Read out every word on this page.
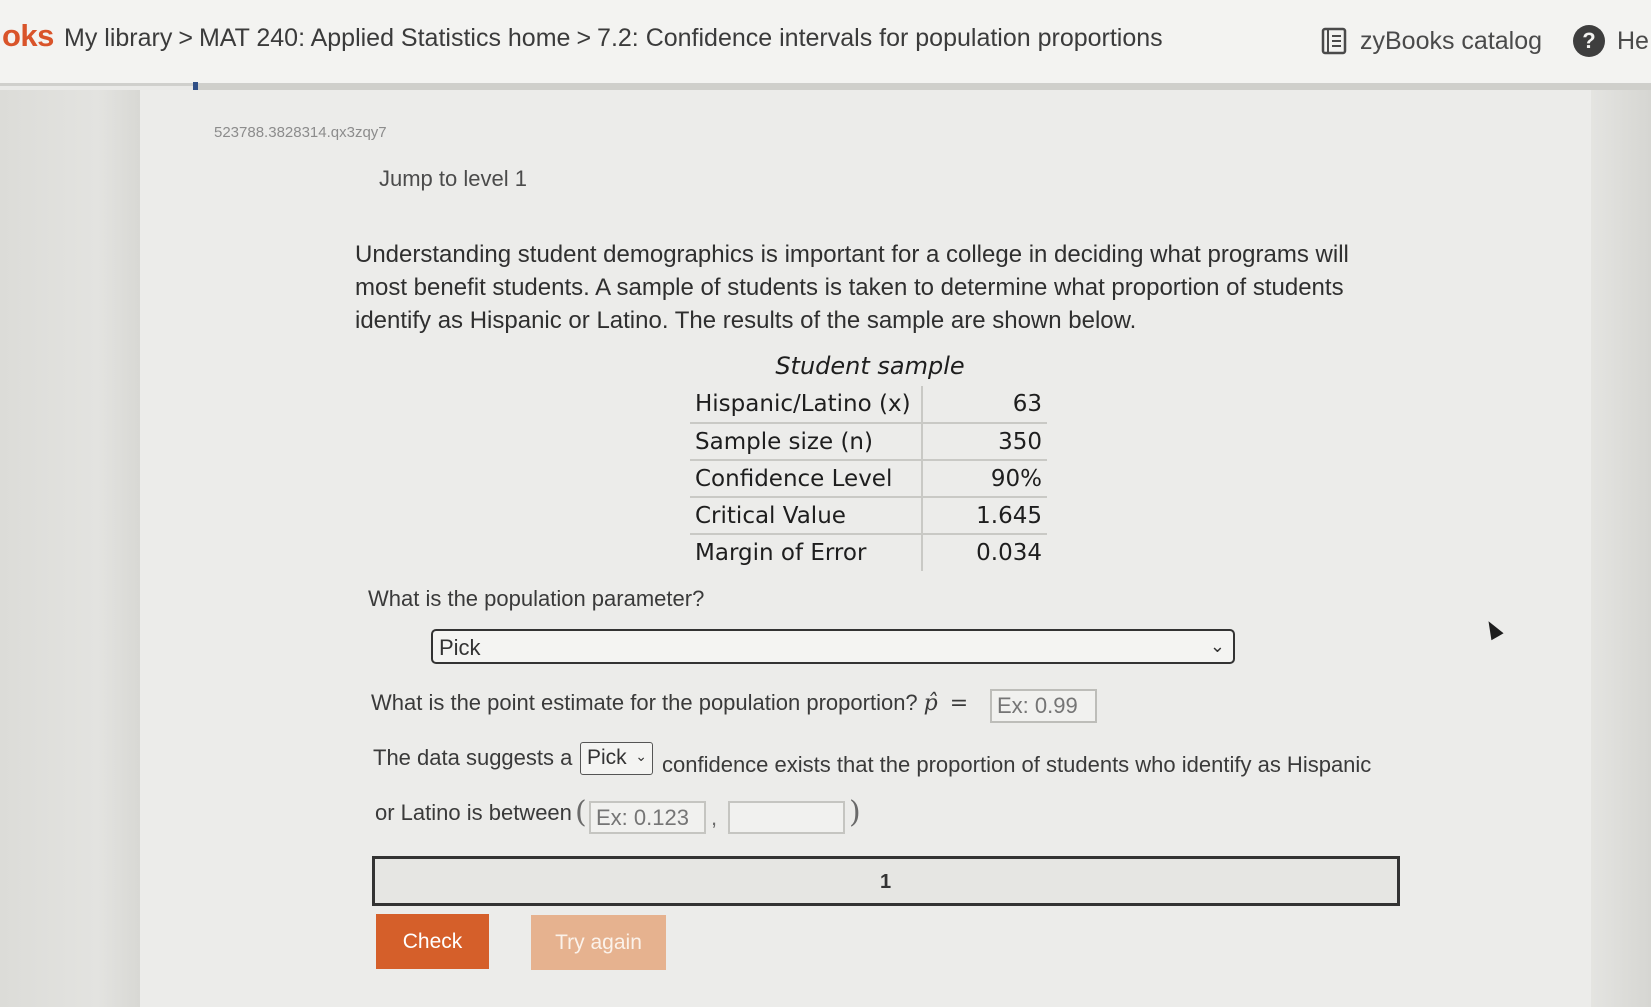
oks My library > MAT 240: Applied Statistics home > 7.2: Confidence intervals for population proportions	zyBooks catalog	? He
523788.3828314.qx3zqy7
Jump to level 1
Understanding student demographics is important for a college in deciding what programs will most benefit students. A sample of students is taken to determine what proportion of students identify as Hispanic or Latino. The results of the sample are shown below.
Student sample
Hispanic/Latino (x)	63
Sample size (n)	350
Confidence Level	90%
Critical Value	1.645
Margin of Error	0.034
What is the population parameter?
Pick	⌄
What is the point estimate for the population proportion? p̂ =
Ex: 0.99
The data suggests a Pick ⌄ confidence exists that the proportion of students who identify as Hispanic
or Latino is between (
Ex: 0.123	,	)
1
Check	Try again
